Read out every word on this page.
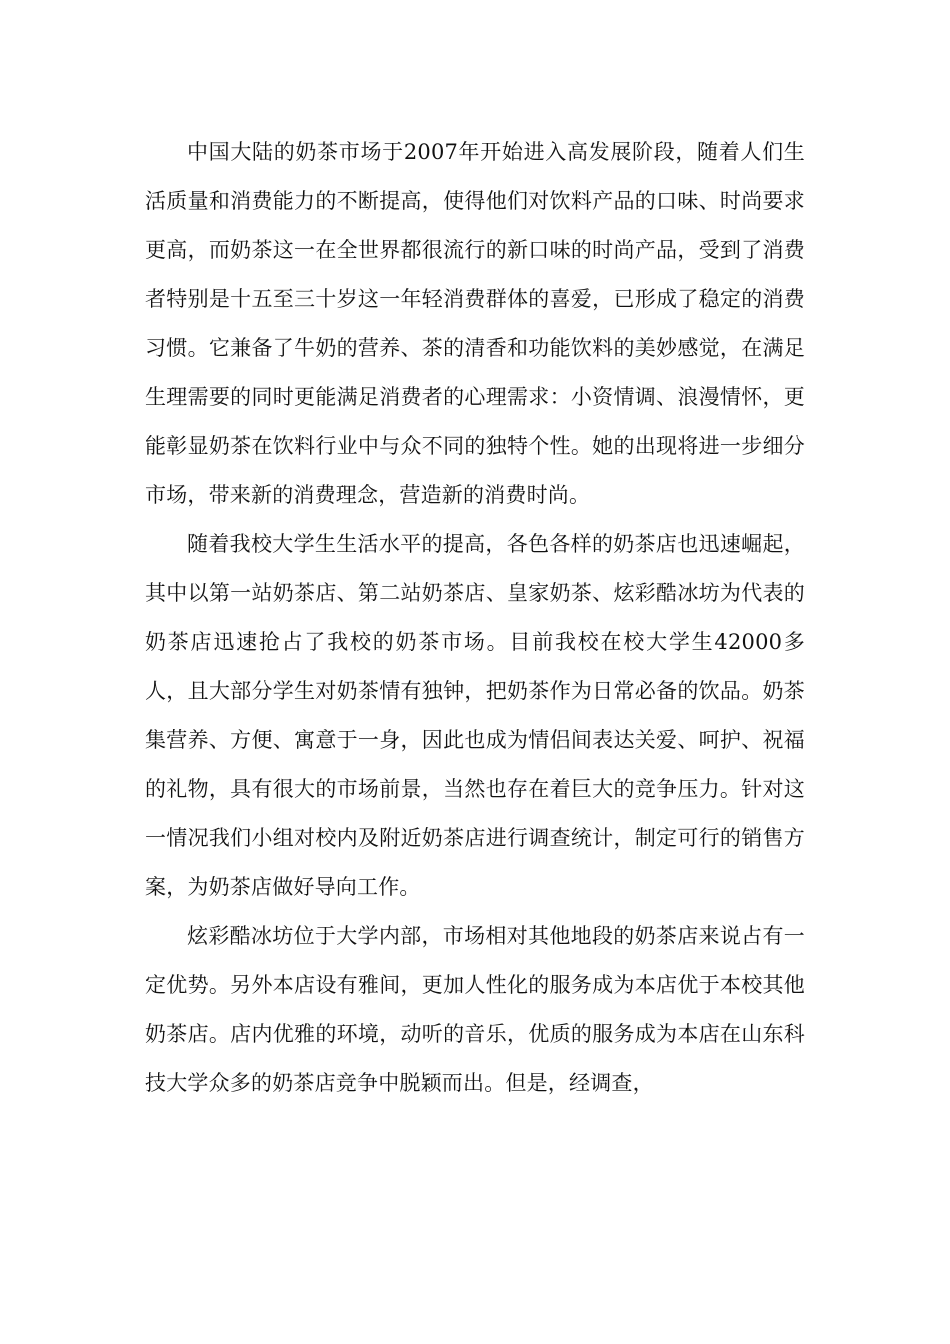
中国大陆的奶茶市场于2007年开始进入高发展阶段，随着人们生活质量和消费能力的不断提高，使得他们对饮料产品的口味、时尚要求更高，而奶茶这一在全世界都很流行的新口味的时尚产品，受到了消费者特别是十五至三十岁这一年轻消费群体的喜爱，已形成了稳定的消费习惯。它兼备了牛奶的营养、茶的清香和功能饮料的美妙感觉，在满足生理需要的同时更能满足消费者的心理需求：小资情调、浪漫情怀，更能彰显奶茶在饮料行业中与众不同的独特个性。她的出现将进一步细分市场，带来新的消费理念，营造新的消费时尚。

随着我校大学生生活水平的提高，各色各样的奶茶店也迅速崛起，其中以第一站奶茶店、第二站奶茶店、皇家奶茶、炫彩酷冰坊为代表的奶茶店迅速抢占了我校的奶茶市场。目前我校在校大学生42000多人，且大部分学生对奶茶情有独钟，把奶茶作为日常必备的饮品。奶茶集营养、方便、寓意于一身，因此也成为情侣间表达关爱、呵护、祝福的礼物，具有很大的市场前景，当然也存在着巨大的竞争压力。针对这一情况我们小组对校内及附近奶茶店进行调查统计，制定可行的销售方案，为奶茶店做好导向工作。

炫彩酷冰坊位于大学内部，市场相对其他地段的奶茶店来说占有一定优势。另外本店设有雅间，更加人性化的服务成为本店优于本校其他奶茶店。店内优雅的环境，动听的音乐，优质的服务成为本店在山东科技大学众多的奶茶店竞争中脱颖而出。但是，经调查，
